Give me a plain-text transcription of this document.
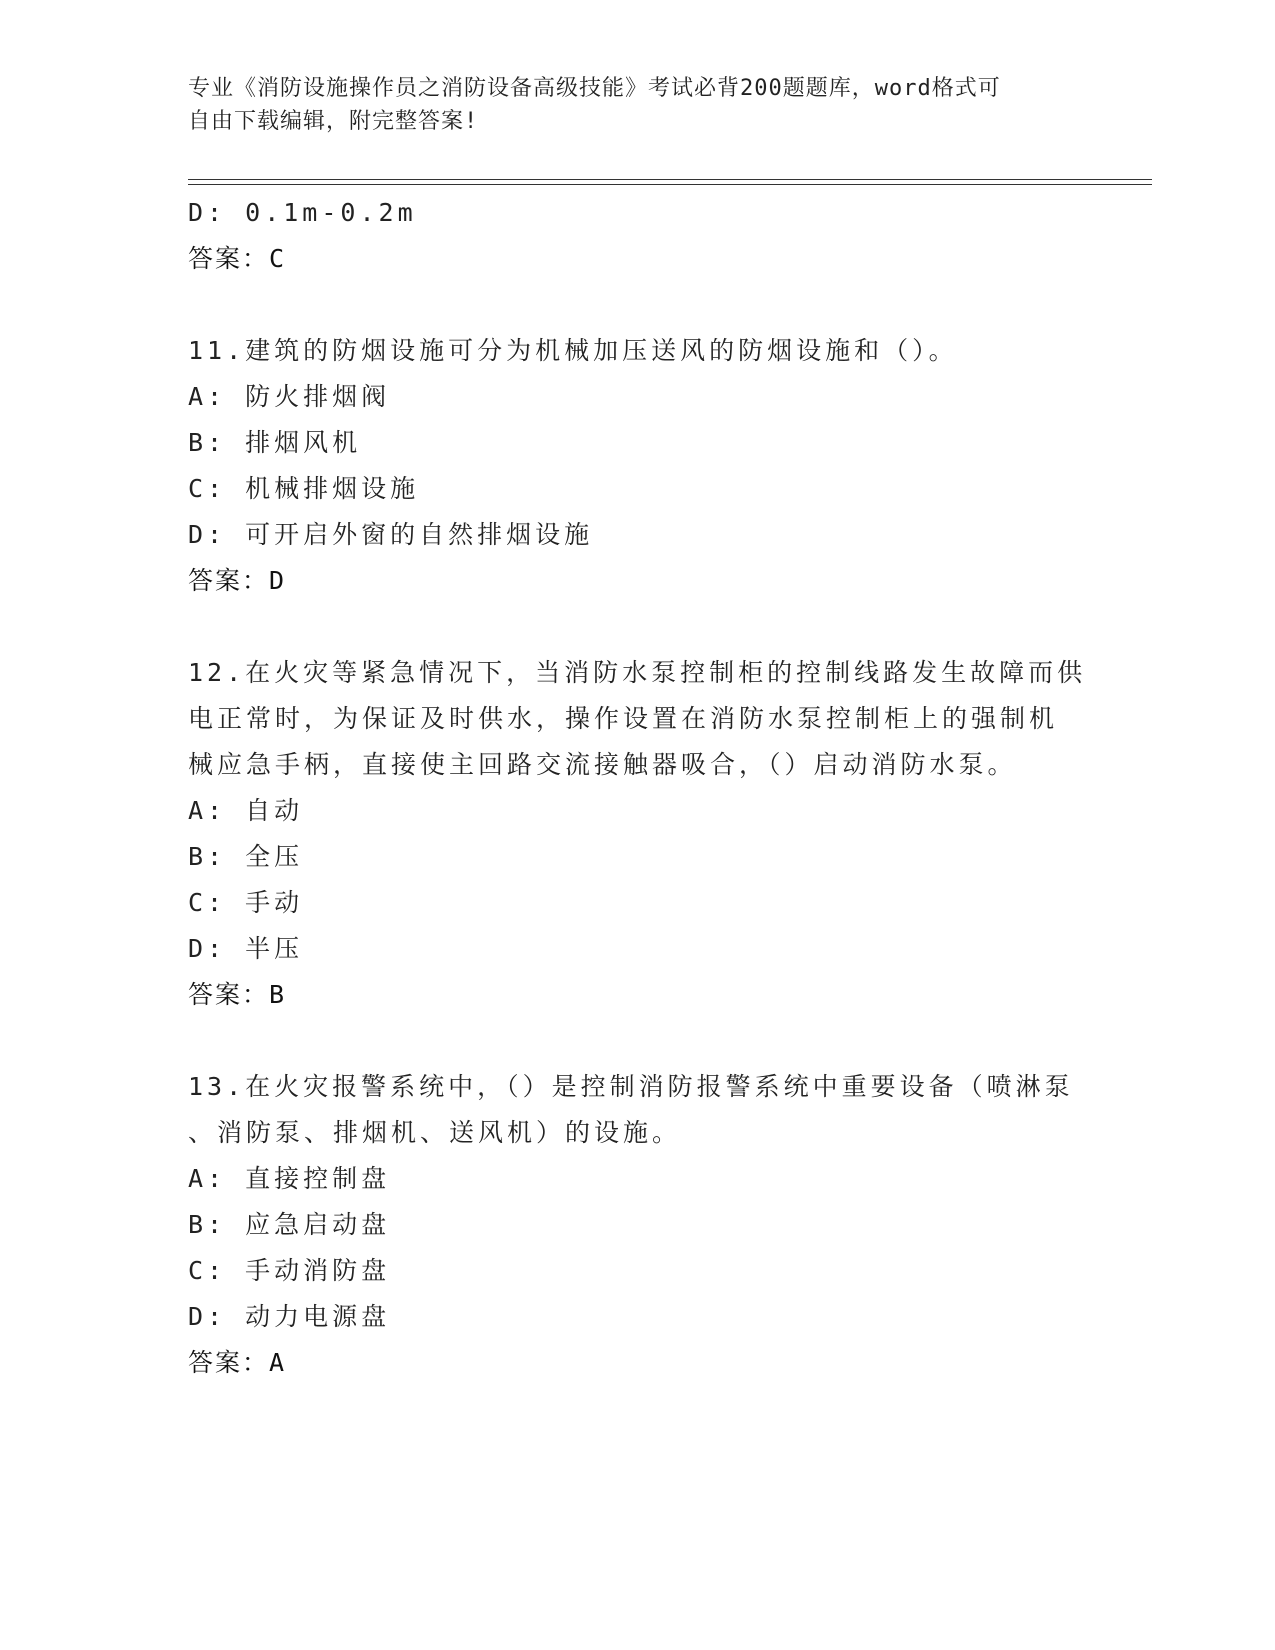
专业《消防设施操作员之消防设备高级技能》考试必背200题题库，word格式可
自由下载编辑，附完整答案!
D: 0.1m-0.2m
答案：C
11.建筑的防烟设施可分为机械加压送风的防烟设施和（）。
A: 防火排烟阀
B: 排烟风机
C: 机械排烟设施
D: 可开启外窗的自然排烟设施
答案：D
12.在火灾等紧急情况下，当消防水泵控制柜的控制线路发生故障而供
电正常时，为保证及时供水，操作设置在消防水泵控制柜上的强制机
械应急手柄，直接使主回路交流接触器吸合，（）启动消防水泵。
A: 自动
B: 全压
C: 手动
D: 半压
答案：B
13.在火灾报警系统中，（）是控制消防报警系统中重要设备（喷淋泵
、消防泵、排烟机、送风机）的设施。
A: 直接控制盘
B: 应急启动盘
C: 手动消防盘
D: 动力电源盘
答案：A
